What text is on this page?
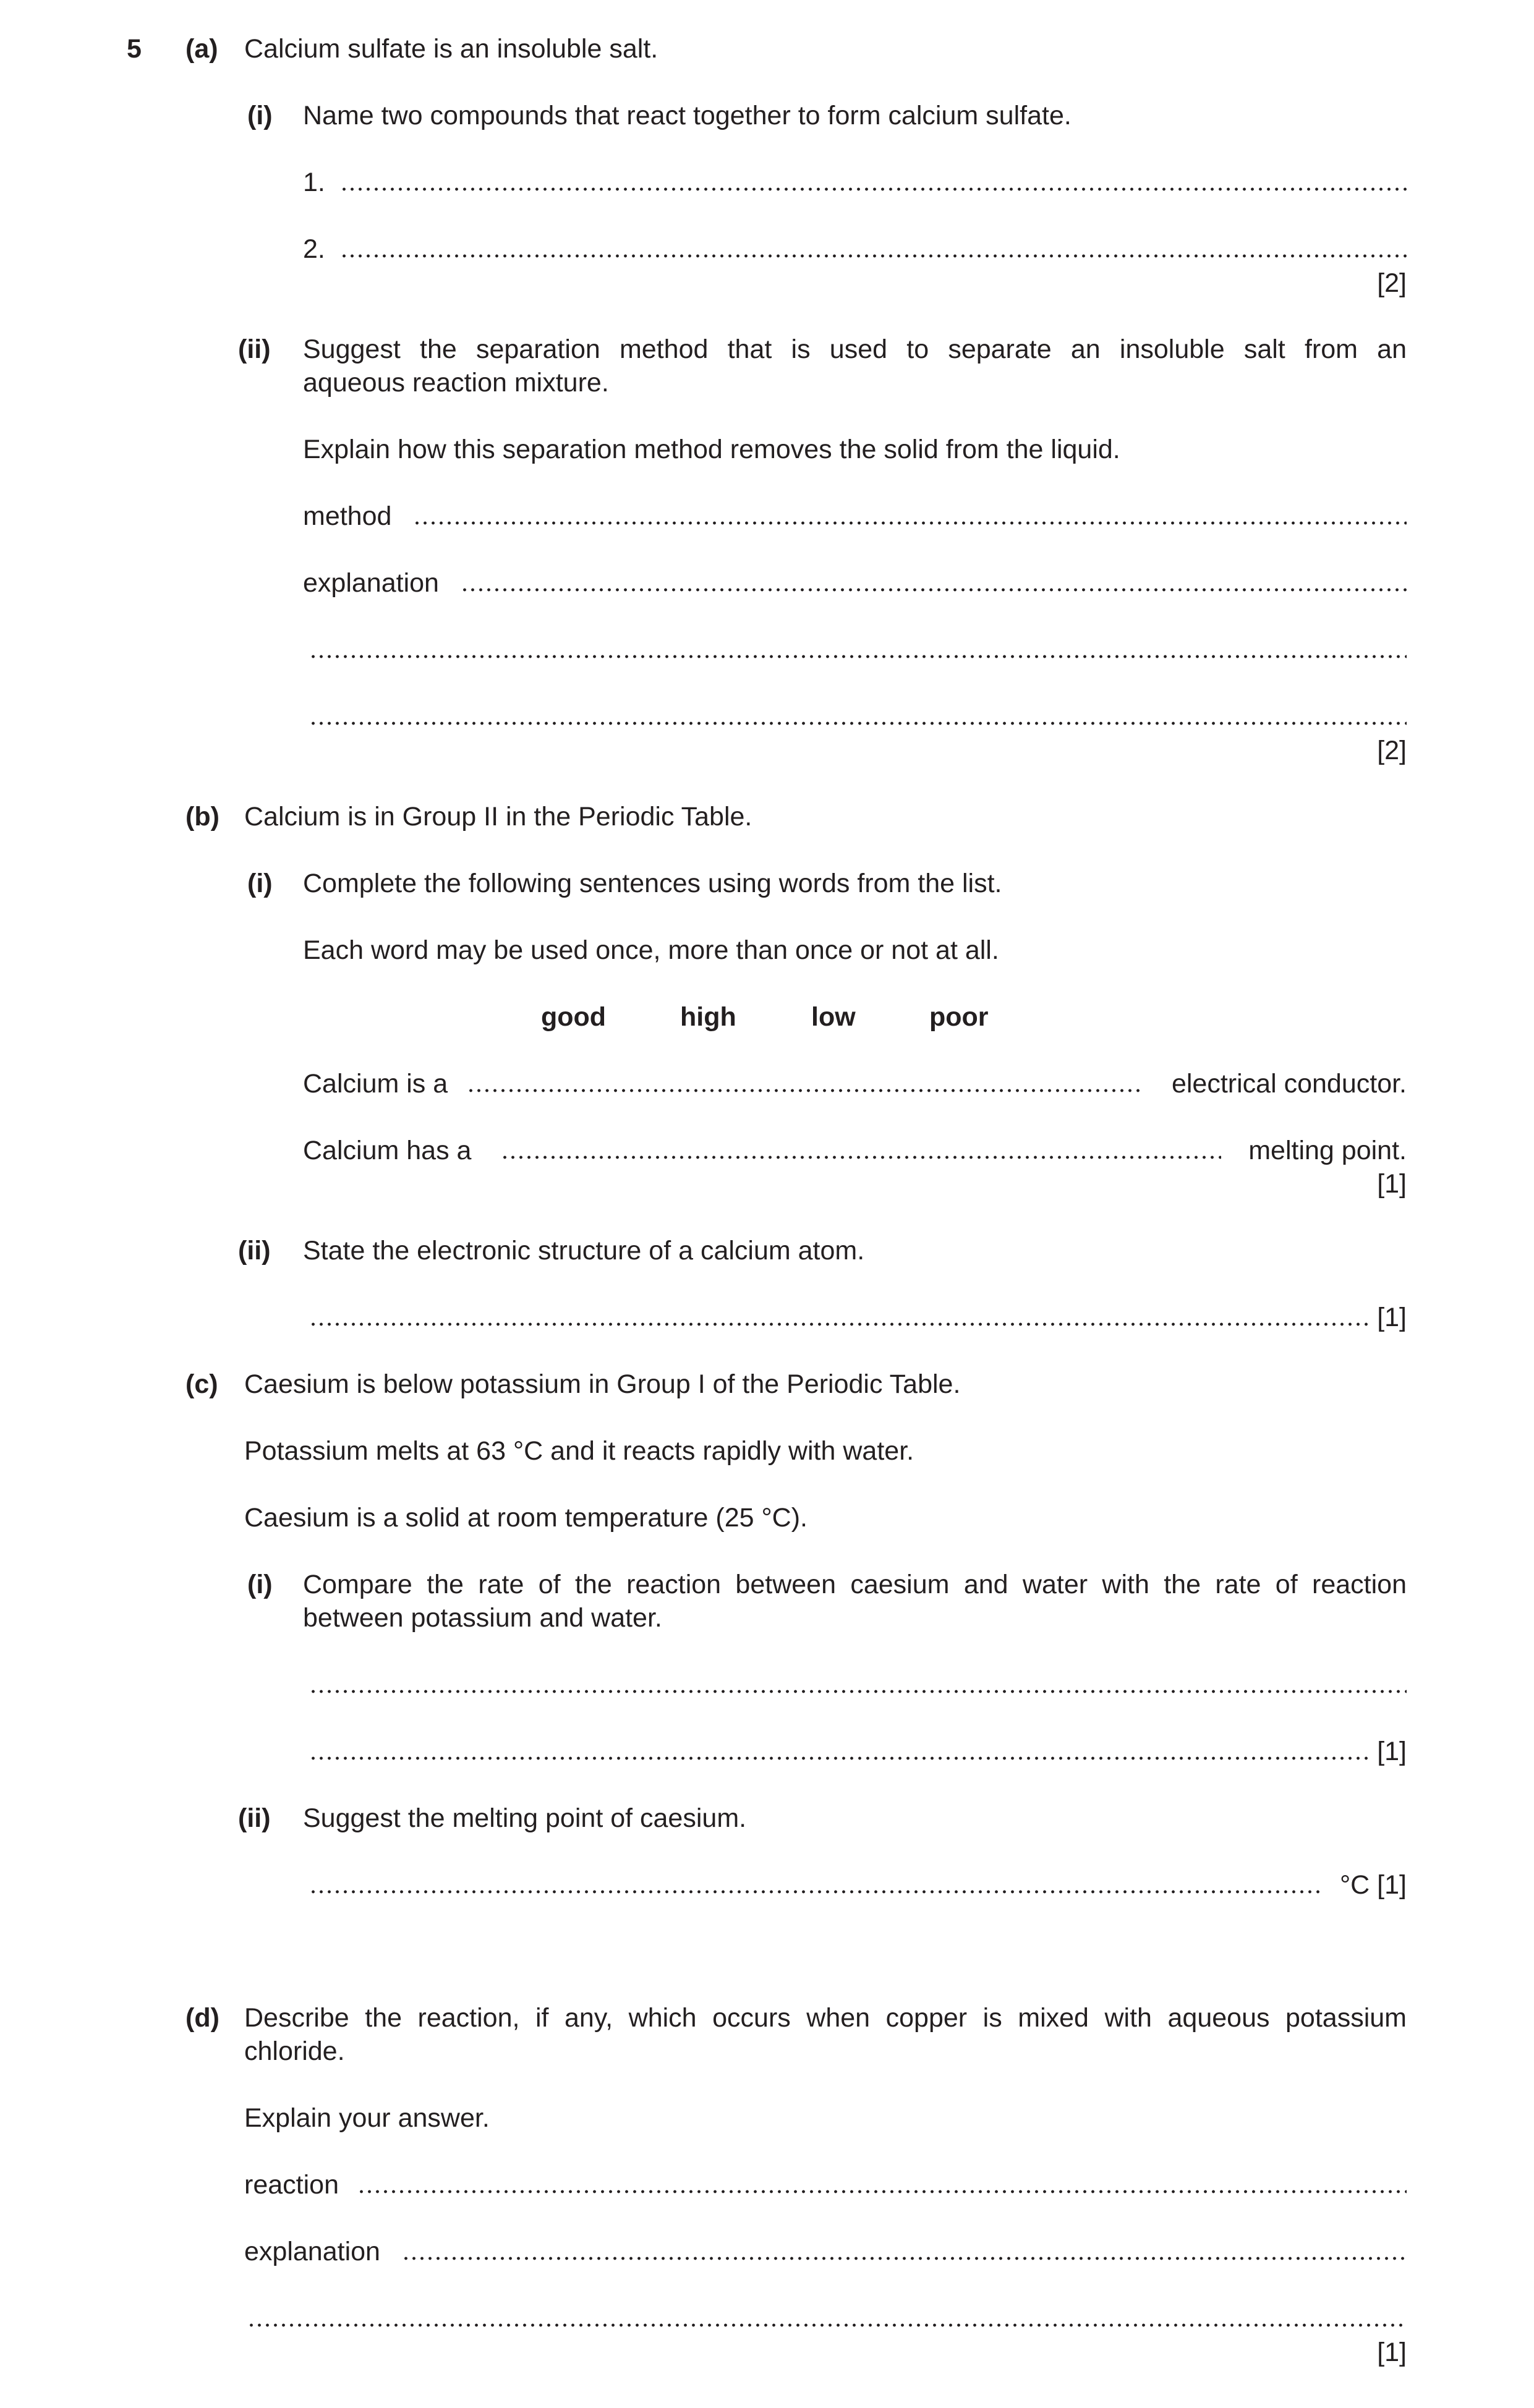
5 (a) Calcium sulfate is an insoluble salt.
(i) Name two compounds that react together to form calcium sulfate.
1.
2.
[2]
(ii) Suggest the separation method that is used to separate an insoluble salt from an
aqueous reaction mixture.
Explain how this separation method removes the solid from the liquid.
method
explanation
[2]
(b) Calcium is in Group II in the Periodic Table.
(i) Complete the following sentences using words from the list.
Each word may be used once, more than once or not at all.
good	high	low	poor
Calcium is a	electrical conductor.
Calcium has a	melting point.
[1]
(ii) State the electronic structure of a calcium atom.
[1]
(c) Caesium is below potassium in Group I of the Periodic Table.
Potassium melts at 63 °C and it reacts rapidly with water.
Caesium is a solid at room temperature (25 °C).
(i) Compare the rate of the reaction between caesium and water with the rate of reaction
between potassium and water.
[1]
(ii) Suggest the melting point of caesium.
°C [1]
(d) Describe the reaction, if any, which occurs when copper is mixed with aqueous potassium
chloride.
Explain your answer.
reaction
explanation
[1]
